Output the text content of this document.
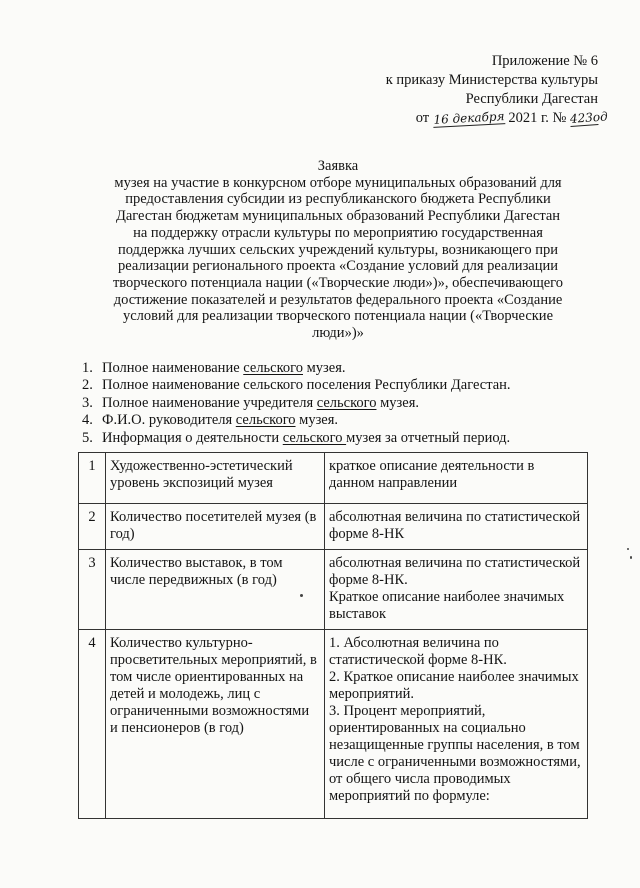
Приложение № 6
к приказу Министерства культуры
Республики Дагестан
от 16 декабря 2021 г. № 423од
Заявка
музея на участие в конкурсном отборе муниципальных образований для
предоставления субсидии из республиканского бюджета Республики
Дагестан бюджетам муниципальных образований Республики Дагестан
на поддержку отрасли культуры по мероприятию государственная
поддержка лучших сельских учреждений культуры, возникающего при
реализации регионального проекта «Создание условий для реализации
творческого потенциала нации («Творческие люди»)», обеспечивающего
достижение показателей и результатов федерального проекта «Создание
условий для реализации творческого потенциала нации («Творческие
люди»)»
1. Полное наименование сельского музея.
2. Полное наименование сельского поселения Республики Дагестан.
3. Полное наименование учредителя сельского музея.
4. Ф.И.О. руководителя сельского музея.
5. Информация о деятельности сельского музея за отчетный период.
1	Художественно-эстетический уровень экспозиций музея	краткое описание деятельности в данном направлении

2	Количество посетителей музея (в год)	абсолютная величина по статистической форме 8-НК

3	Количество выставок, в том числе передвижных (в год)	абсолютная величина по статистической форме 8-НК.
Краткое описание наиболее значимых выставок

4	Количество культурно-просветительных мероприятий, в том числе ориентированных на детей и молодежь, лиц с ограниченными возможностями и пенсионеров (в год)	1. Абсолютная величина по статистической форме 8-НК.
2. Краткое описание наиболее значимых мероприятий.
3. Процент мероприятий, ориентированных на социально незащищенные группы населения, в том числе с ограниченными возможностями, от общего числа проводимых мероприятий по формуле:
